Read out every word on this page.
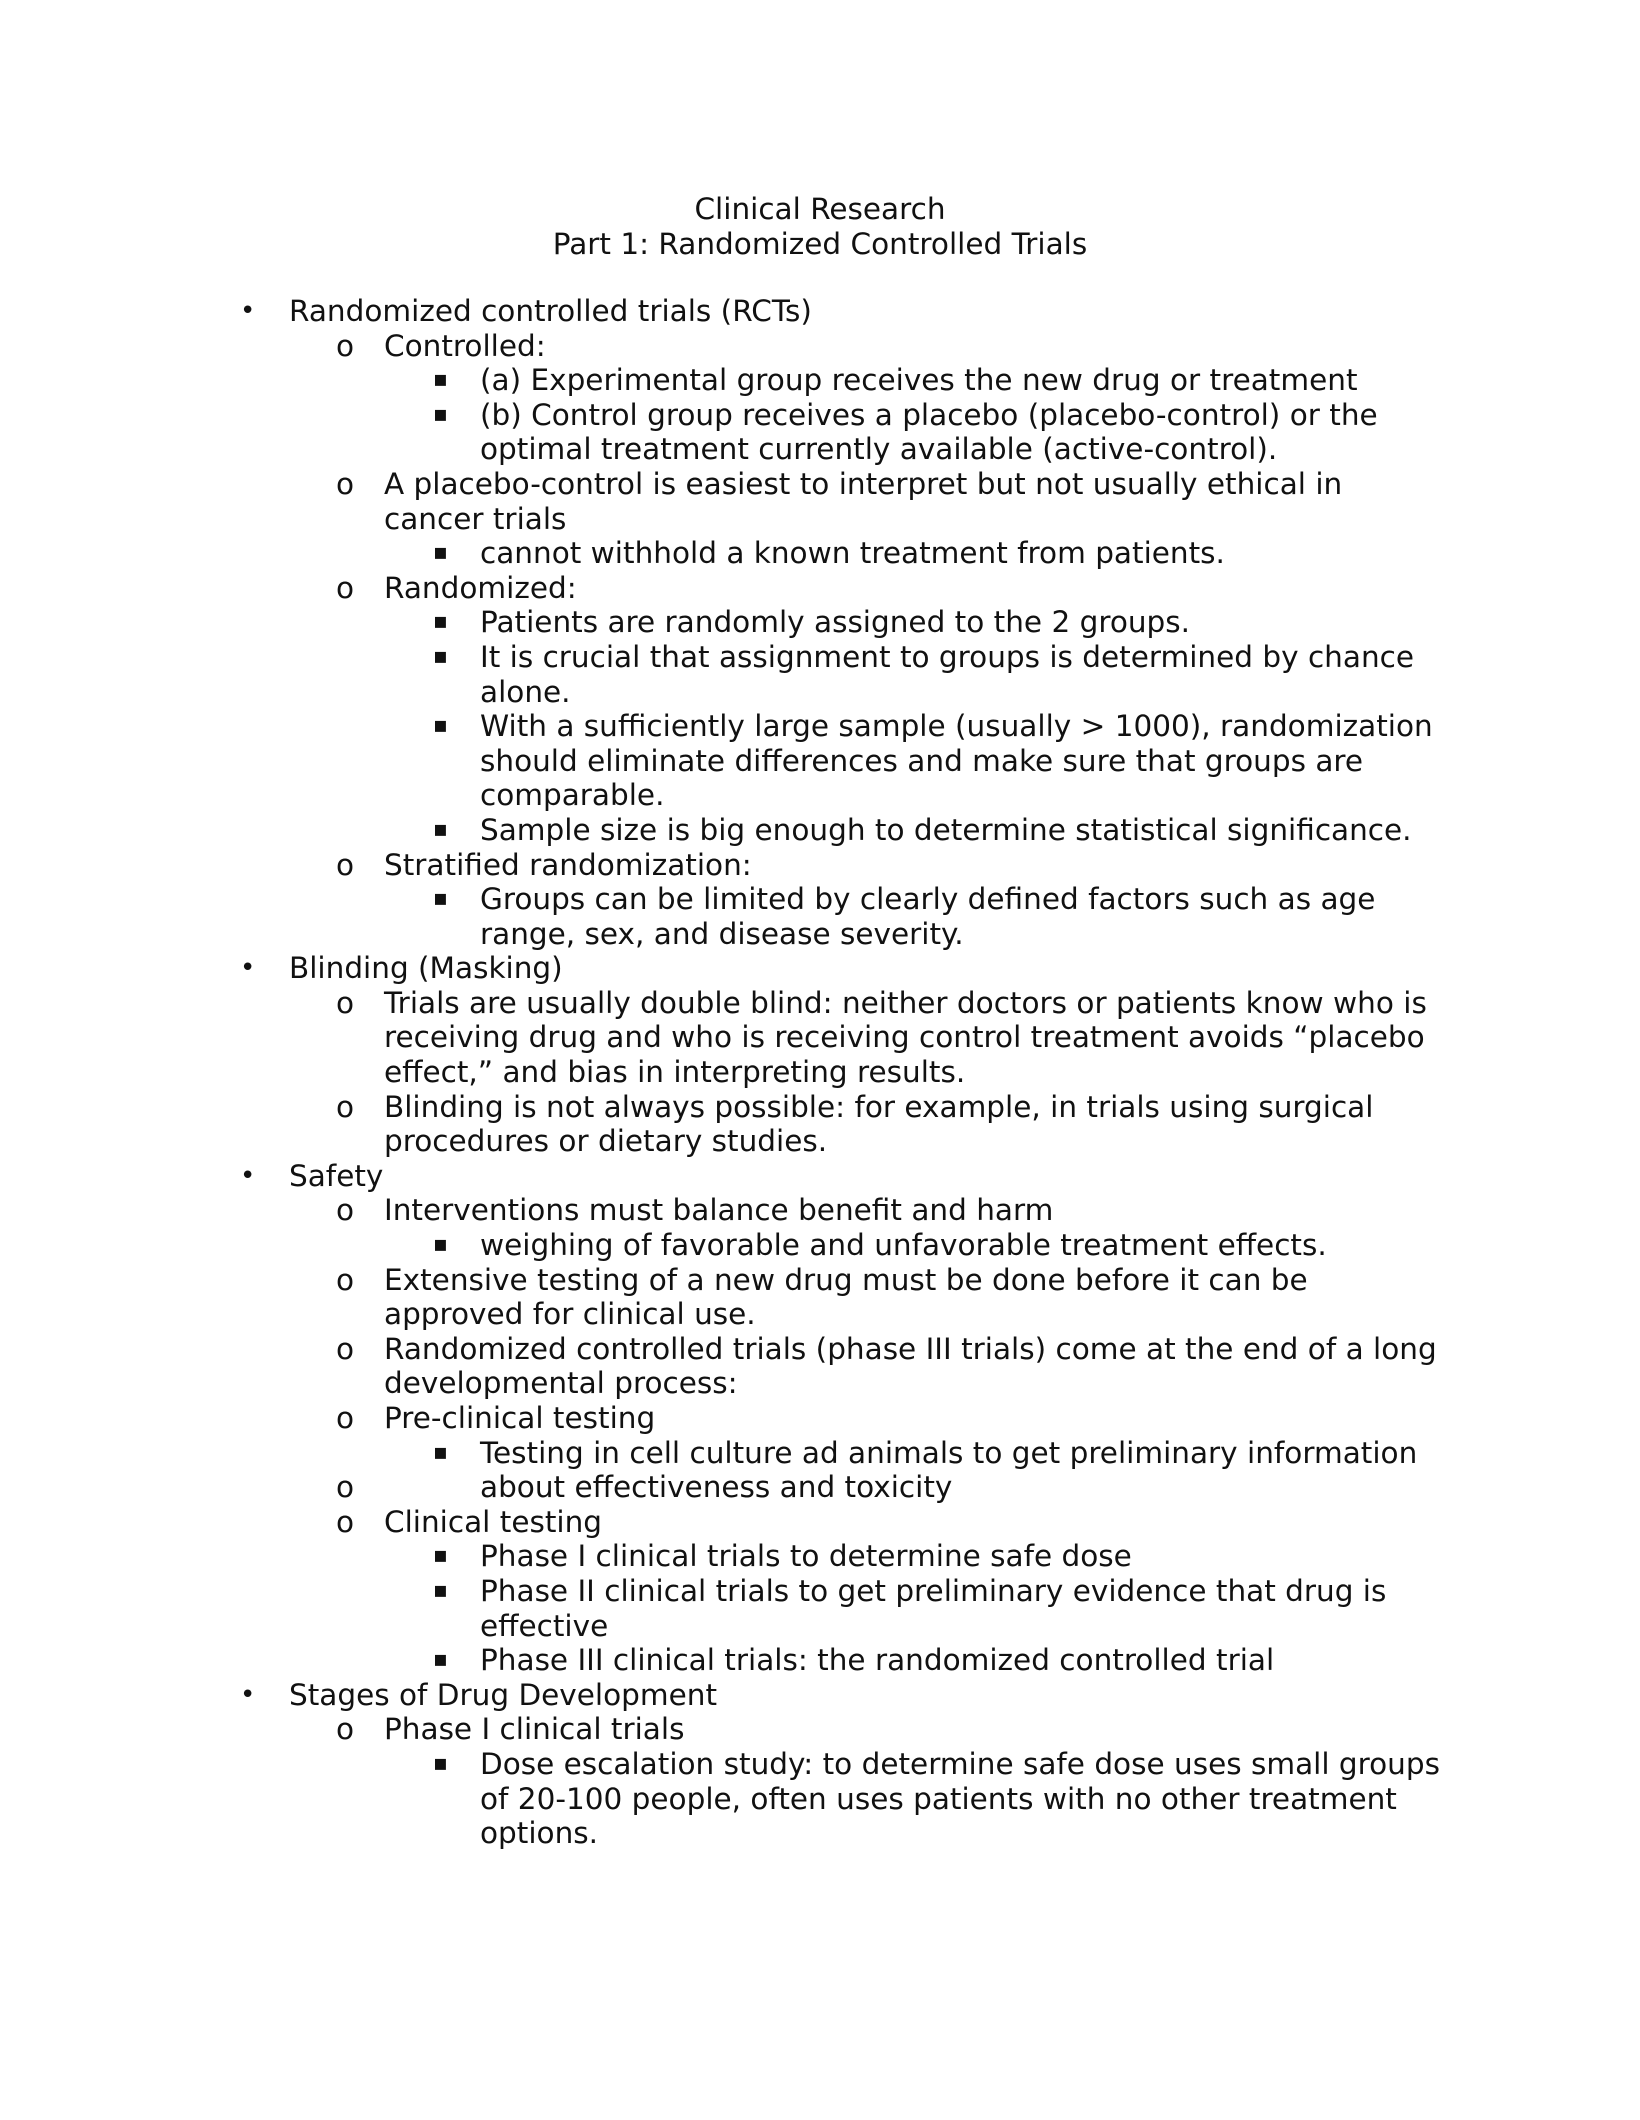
Clinical Research
Part 1: Randomized Controlled Trials
• Randomized controlled trials (RCTs)
o Controlled:
▪ (a) Experimental group receives the new drug or treatment
▪ (b) Control group receives a placebo (placebo-control) or the
optimal treatment currently available (active-control).
o A placebo-control is easiest to interpret but not usually ethical in
cancer trials
▪ cannot withhold a known treatment from patients.
o Randomized:
▪ Patients are randomly assigned to the 2 groups.
▪ It is crucial that assignment to groups is determined by chance
alone.
▪ With a sufficiently large sample (usually > 1000), randomization
should eliminate differences and make sure that groups are
comparable.
▪ Sample size is big enough to determine statistical significance.
o Stratified randomization:
▪ Groups can be limited by clearly defined factors such as age
range, sex, and disease severity.
• Blinding (Masking)
o Trials are usually double blind: neither doctors or patients know who is
receiving drug and who is receiving control treatment avoids “placebo
effect,” and bias in interpreting results.
o Blinding is not always possible: for example, in trials using surgical
procedures or dietary studies.
• Safety
o Interventions must balance benefit and harm
▪ weighing of favorable and unfavorable treatment effects.
o Extensive testing of a new drug must be done before it can be
approved for clinical use.
o Randomized controlled trials (phase III trials) come at the end of a long
developmental process:
o Pre-clinical testing
▪
o
Testing in cell culture ad animals to get preliminary information
about effectiveness and toxicity
o Clinical testing
▪ Phase I clinical trials to determine safe dose
▪ Phase II clinical trials to get preliminary evidence that drug is
effective
▪ Phase III clinical trials: the randomized controlled trial
• Stages of Drug Development
o Phase I clinical trials
▪ Dose escalation study: to determine safe dose uses small groups
of 20-100 people, often uses patients with no other treatment
options.
